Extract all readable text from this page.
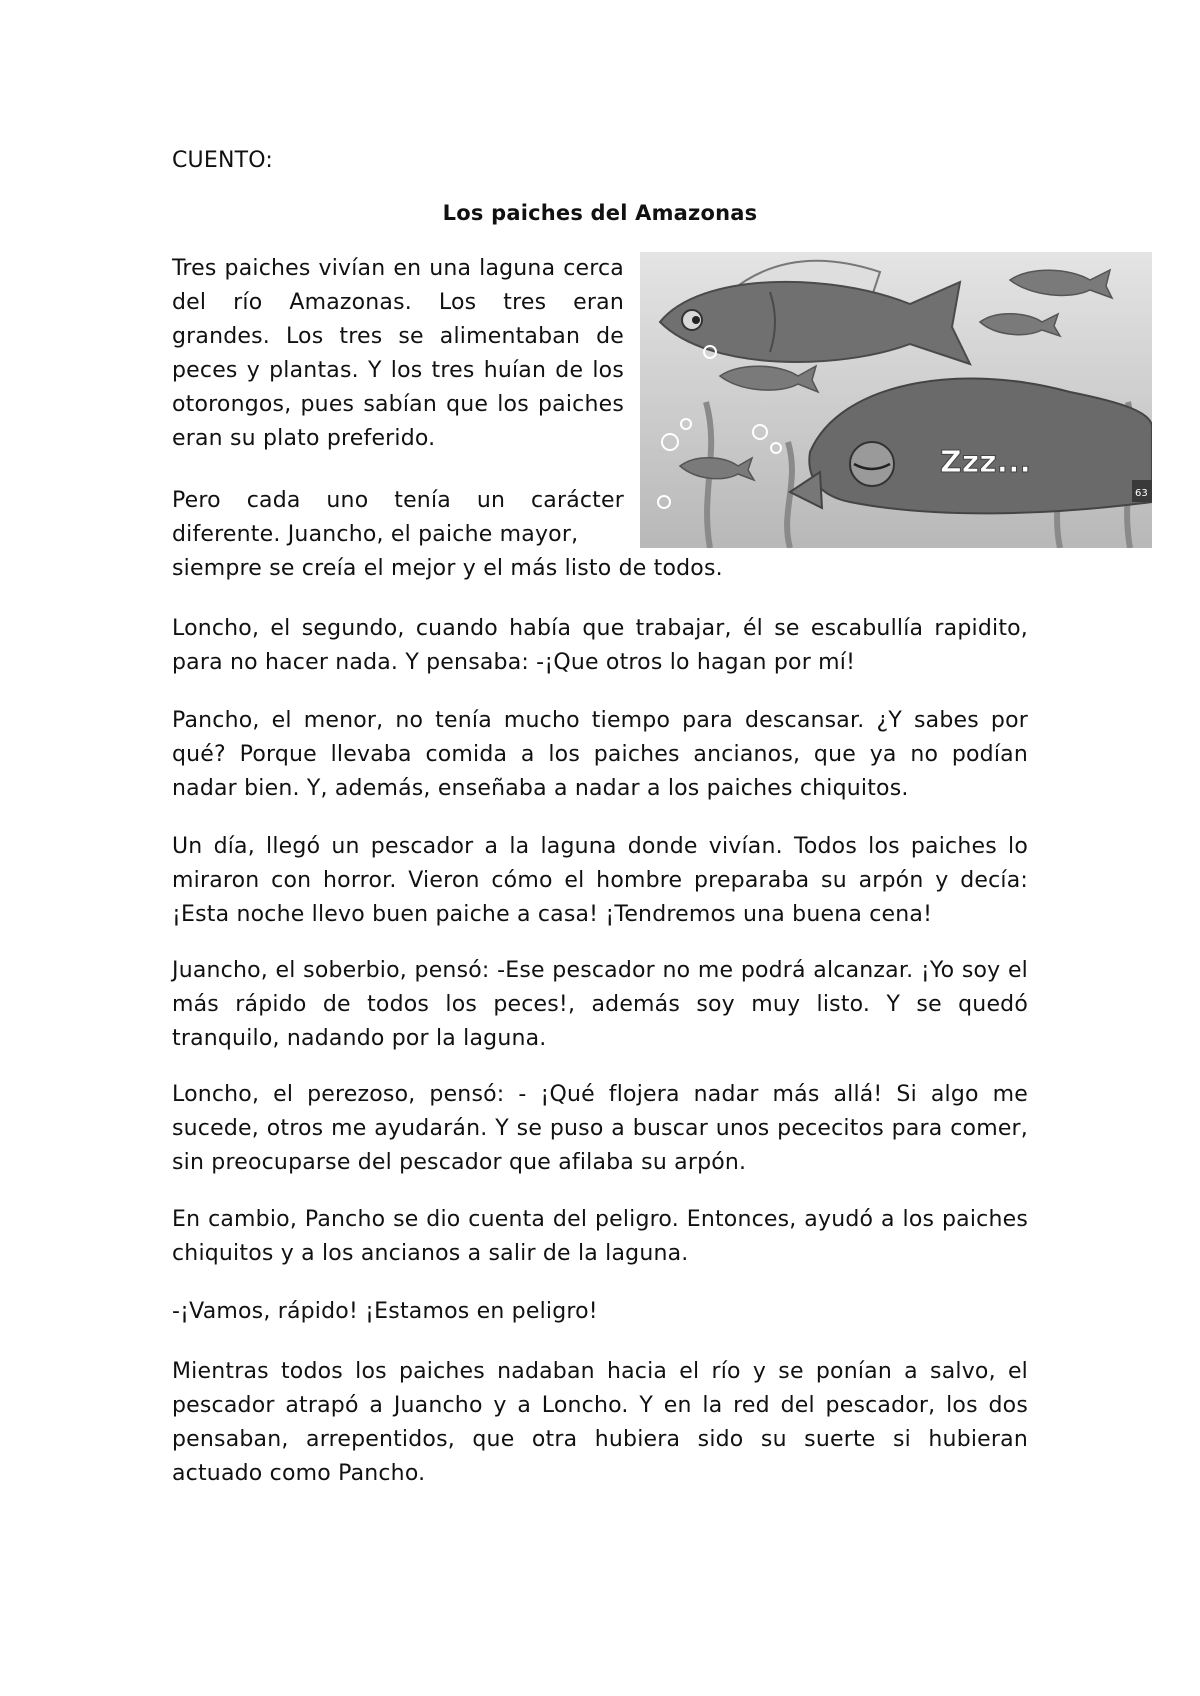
CUENTO:

Los paiches del Amazonas

Tres paiches vivían en una laguna cerca del río Amazonas. Los tres eran grandes. Los tres se alimentaban de peces y plantas. Y los tres huían de los otorongos, pues sabían que los paiches eran su plato preferido.

Pero cada uno tenía un carácter diferente. Juancho, el paiche mayor,

siempre se creía el mejor y el más listo de todos.

Loncho, el segundo, cuando había que trabajar, él se escabullía rapidito, para no hacer nada. Y pensaba: -¡Que otros lo hagan por mí!

Pancho, el menor, no tenía mucho tiempo para descansar. ¿Y sabes por qué? Porque llevaba comida a los paiches ancianos, que ya no podían nadar bien. Y, además, enseñaba a nadar a los paiches chiquitos.

Un día, llegó un pescador a la laguna donde vivían. Todos los paiches lo miraron con horror. Vieron cómo el hombre preparaba su arpón y decía: ¡Esta noche llevo buen paiche a casa! ¡Tendremos una buena cena!

Juancho, el soberbio, pensó: -Ese pescador no me podrá alcanzar. ¡Yo soy el más rápido de todos los peces!, además soy muy listo. Y se quedó tranquilo, nadando por la laguna.

Loncho, el perezoso, pensó: - ¡Qué flojera nadar más allá! Si algo me sucede, otros me ayudarán. Y se puso a buscar unos pececitos para comer, sin preocuparse del pescador que afilaba su arpón.

En cambio, Pancho se dio cuenta del peligro. Entonces, ayudó a los paiches chiquitos y a los ancianos a salir de la laguna.

-¡Vamos, rápido! ¡Estamos en peligro!

Mientras todos los paiches nadaban hacia el río y se ponían a salvo, el pescador atrapó a Juancho y a Loncho. Y en la red del pescador, los dos pensaban, arrepentidos, que otra hubiera sido su suerte si hubieran actuado como Pancho.

Zzz...
63
